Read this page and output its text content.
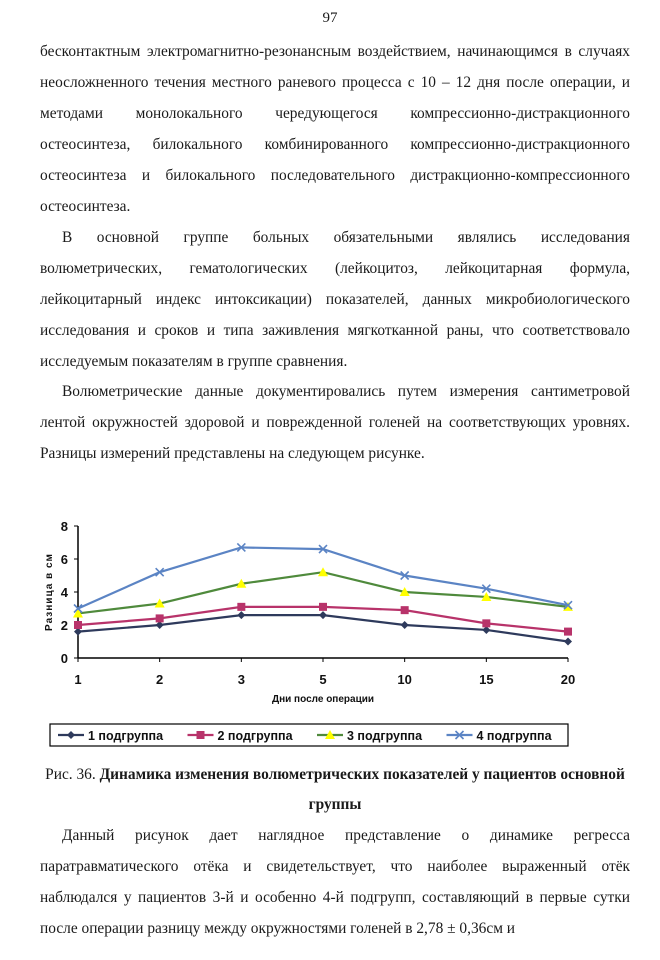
97

бесконтактным электромагнитно-резонансным воздействием, начинающимся в случаях неосложненного течения местного раневого процесса с 10 – 12 дня после операции, и методами монолокального чередующегося компрессионно-дистракционного остеосинтеза, билокального комбинированного компрессионно-дистракционного остеосинтеза и билокального последовательного дистракционно-компрессионного остеосинтеза.

В основной группе больных обязательными являлись исследования волюметрических, гематологических (лейкоцитоз, лейкоцитарная формула, лейкоцитарный индекс интоксикации) показателей, данных микробиологического исследования и сроков и типа заживления мягкотканной раны, что соответствовало исследуемым показателям в группе сравнения.

Волюметрические данные документировались путем измерения сантиметровой лентой окружностей здоровой и поврежденной голеней на соответствующих уровнях. Разницы измерений представлены на следующем рисунке.

0
2
4
6
8
1	2	3	5	10	15	20
Дни после операции
Разница в см
1 подгруппа	2 подгруппа	3 подгруппа	4 подгруппа
Рис. 36. Динамика изменения волюметрических показателей у пациентов основной группы

Данный рисунок дает наглядное представление о динамике регресса паратравматического отёка и свидетельствует, что наиболее выраженный отёк наблюдался у пациентов 3-й и особенно 4-й подгрупп, составляющий в первые сутки после операции разницу между окружностями голеней в 2,78 ± 0,36см и
